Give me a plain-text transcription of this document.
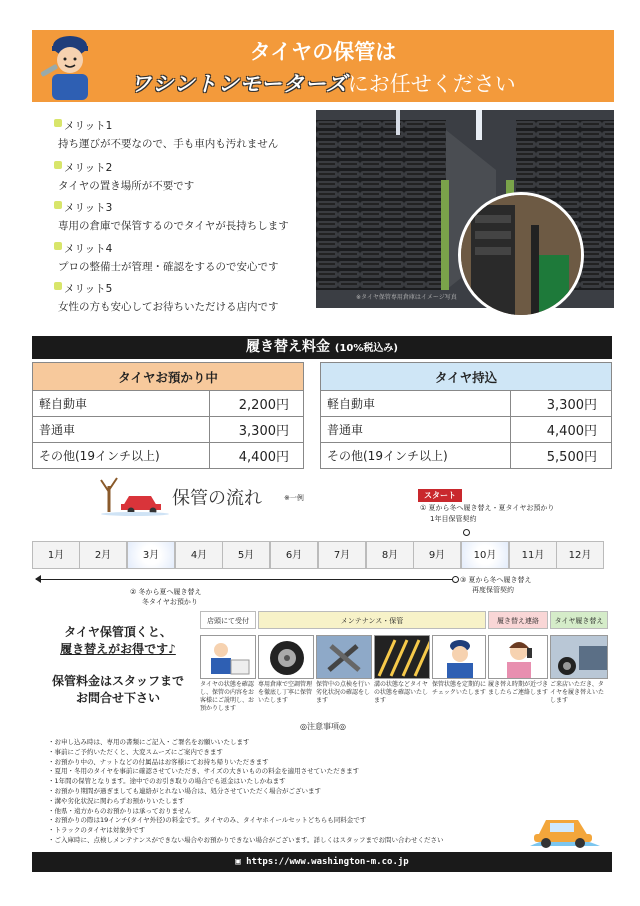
タイヤの保管は
ワシントンモーターズにお任せください
メリット1
持ち運びが不要なので、手も車内も汚れません
メリット2
タイヤの置き場所が不要です
メリット3
専用の倉庫で保管するのでタイヤが長持ちします
メリット4
プロの整備士が管理・確認をするので安心です
メリット5
女性の方も安心してお待ちいただける店内です
※タイヤ保管専用倉庫はイメージ写真
履き替え料金 (10%税込み)
タイヤお預かり中	
軽自動車	2,200円
普通車	3,300円
その他(19インチ以上)	4,400円
タイヤ持込	
軽自動車	3,300円
普通車	4,400円
その他(19インチ以上)	5,500円
保管の流れ	※一例	スタート
① 夏から冬へ履き替え・夏タイヤお預かり
1年目保管契約
1月	2月	3月	4月	5月	6月	7月	8月	9月	10月	11月	12月
② 冬から夏へ履き替え
冬タイヤお預かり
③ 夏から冬へ履き替え
再度保管契約
店頭にて受付	メンテナンス・保管	履き替え連絡	タイヤ履き替え
タイヤの状態を確認し、保管の内容をお客様にご説明し、お預かりします
専用倉庫で空調管理を徹底し丁寧に保管いたします
保管中の点検を行い劣化状況の確認をします
溝の状態などタイヤの状態を確認いたします
保管状態を定期的にチェックいたします
履き替え時期が近づきましたらご連絡します
ご来店いただき、タイヤを履き替えいたします
タイヤ保管頂くと、
履き替えがお得です♪
保管料金はスタッフまで
お問合せ下さい
◎注意事項◎
・お申し込み時は、専用の書類にご記入・ご署名をお願いいたします
・事前にご予約いただくと、大変スムーズにご案内できます
・お預かり中の、ナットなどの付属品はお客様にてお持ち帰りいただきます
・夏用・冬用のタイヤを事前に確認させていただき、サイズの大きいものの料金を適用させていただきます
・1年間の保管となります。途中でのお引き取りの場合でも返金はいたしかねます
・お預かり期間が過ぎましても連絡がとれない場合は、処分させていただく場合がございます
・溝や劣化状況に関わらずお預かりいたします
・他県・遠方からのお預かりは承っておりません
・お預かりの際は19インチ(タイヤ外径)の料金です。タイヤのみ、タイヤホイールセットどちらも同料金です
・トラックのタイヤは対象外です
・ご入庫時に、点検しメンテナンスができない場合やお預かりできない場合がございます。詳しくはスタッフまでお問い合わせください
▣ https://www.washington-m.co.jp
